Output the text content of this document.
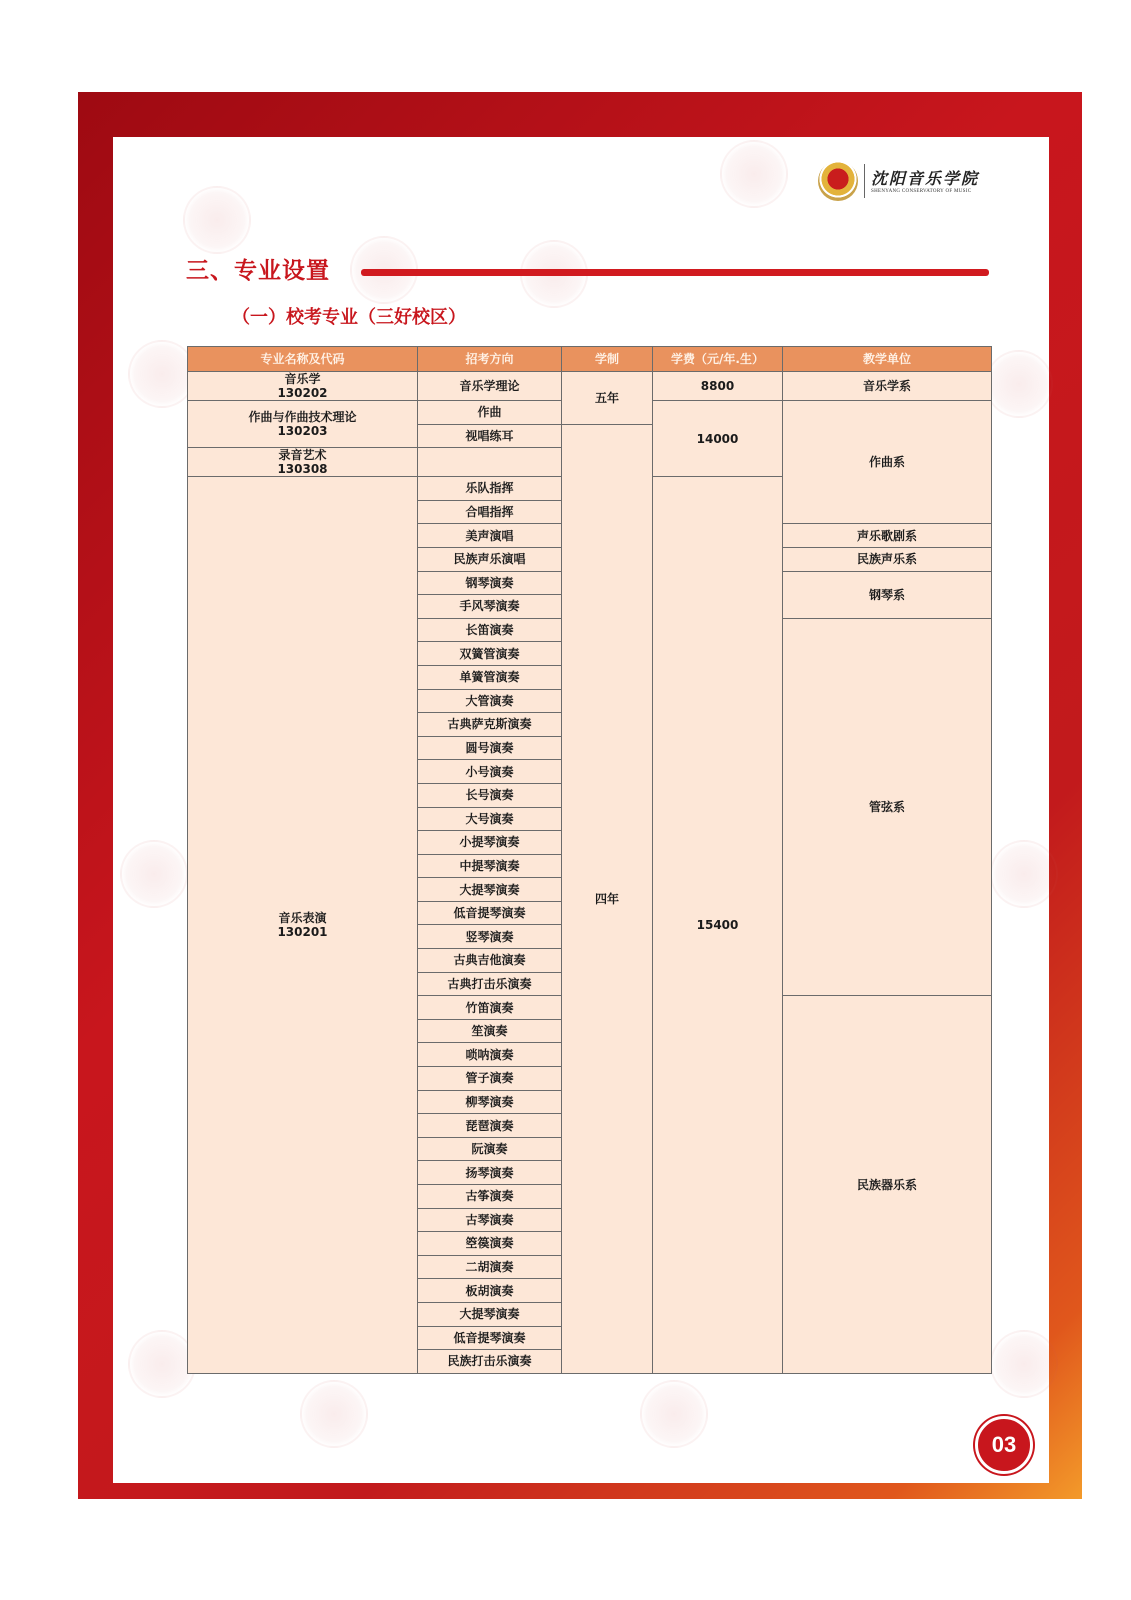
沈阳音乐学院
SHENYANG CONSERVATORY OF MUSIC
三、专业设置
（一）校考专业（三好校区）
专业名称及代码	招考方向	学制	学费（元/年.生）	教学单位

音乐学
130202	音乐学理论	五年	8800	音乐学系

作曲与作曲技术理论
130203	作曲		14000	作曲系
	视唱练耳	四年		

录音艺术
130308				

音乐表演
130201	乐队指挥		15400	
	合唱指挥			
	美声演唱			声乐歌剧系
	民族声乐演唱			民族声乐系
	钢琴演奏			钢琴系
	手风琴演奏			
	长笛演奏			管弦系
	双簧管演奏			
	单簧管演奏			
	大管演奏			
	古典萨克斯演奏			
	圆号演奏			
	小号演奏			
	长号演奏			
	大号演奏			
	小提琴演奏			
	中提琴演奏			
	大提琴演奏			
	低音提琴演奏			
	竖琴演奏			
	古典吉他演奏			
	古典打击乐演奏			
	竹笛演奏			民族器乐系
	笙演奏			
	唢呐演奏			
	管子演奏			
	柳琴演奏			
	琵琶演奏			
	阮演奏			
	扬琴演奏			
	古筝演奏			
	古琴演奏			
	箜篌演奏			
	二胡演奏			
	板胡演奏			
	大提琴演奏			
	低音提琴演奏			
	民族打击乐演奏			
03
